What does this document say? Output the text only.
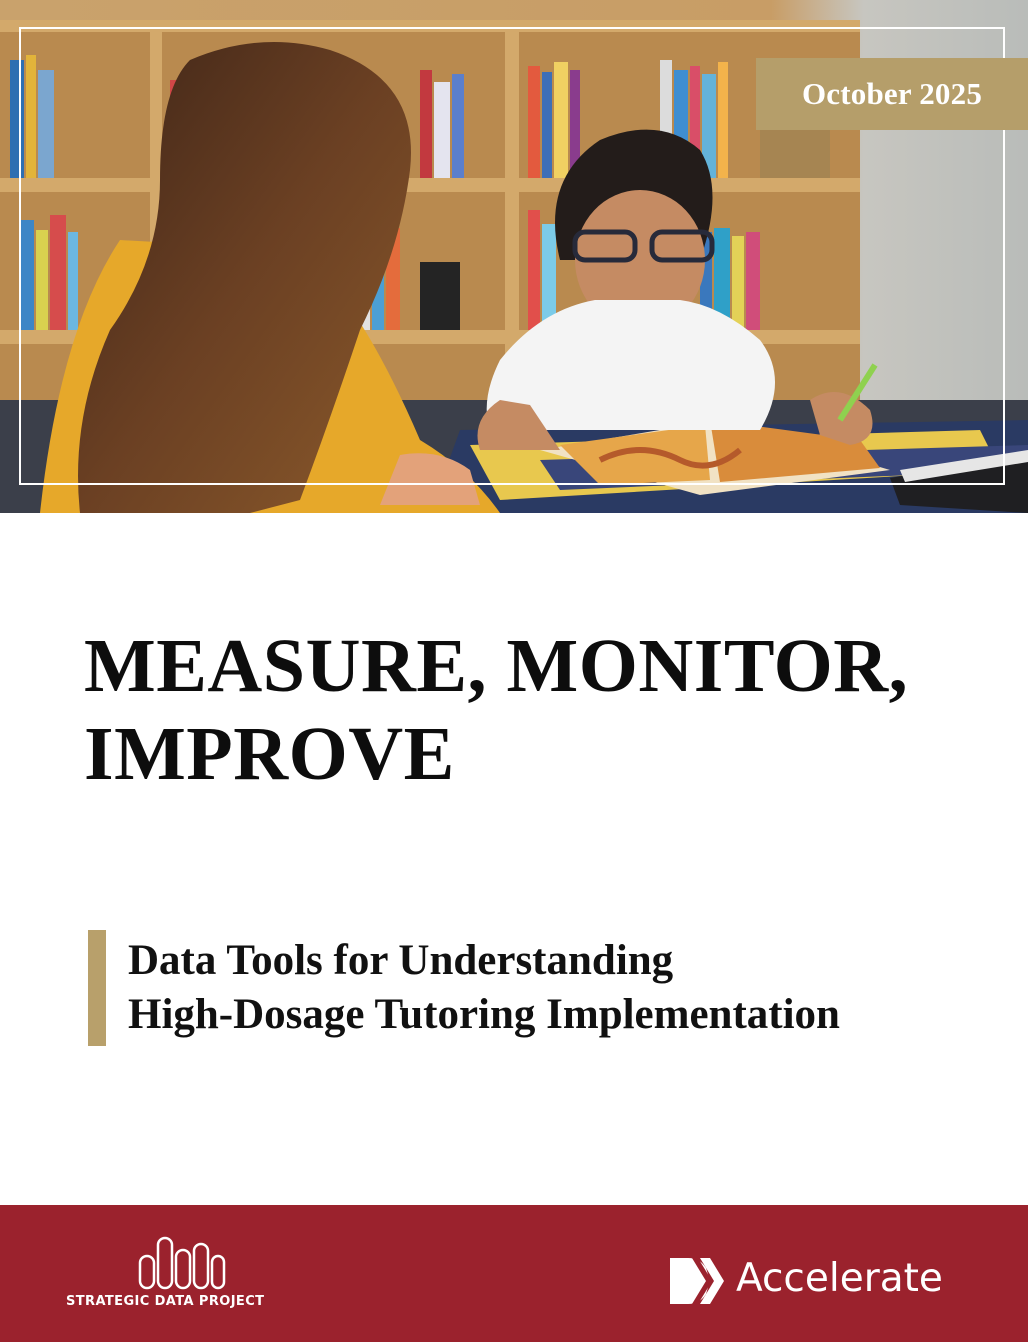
October 2025
MEASURE, MONITOR,
IMPROVE
Data Tools for Understanding
High-Dosage Tutoring Implementation
STRATEGIC DATA PROJECT
Accelerate
